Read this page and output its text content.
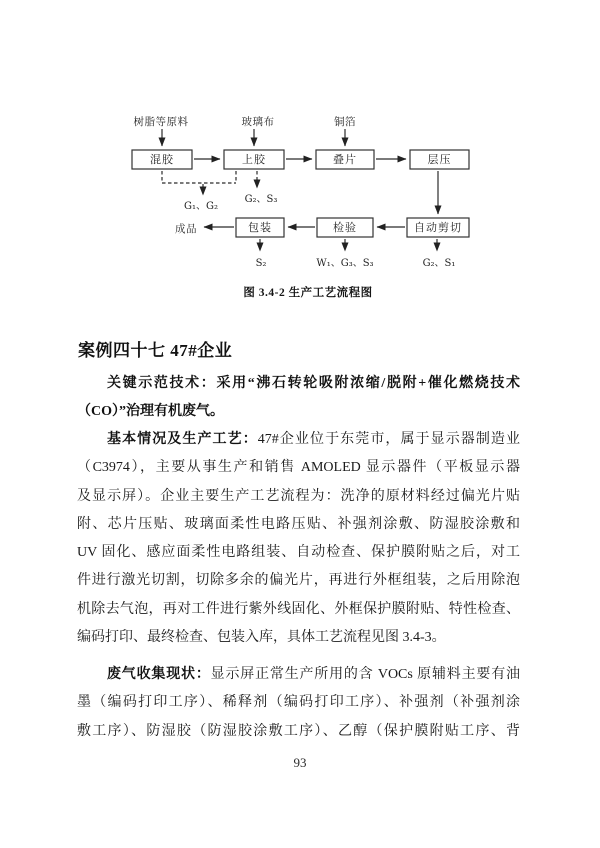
混胶	上胶	叠片	层压
自动剪切
检验
包装
树脂等原料	玻璃布	铜箔
成品
G₁、G₂
G₂、S₃
S₂	W₁、G₃、S₃	G₂、S₁
图 3.4-2 生产工艺流程图
案例四十七 47#企业
关键示范技术：采用“沸石转轮吸附浓缩/脱附+催化燃烧技术
（CO）”治理有机废气。
基本情况及生产工艺：47#企业位于东莞市，属于显示器制造业
（C3974），主要从事生产和销售 AMOLED 显示器件（平板显示器
及显示屏）。企业主要生产工艺流程为：洗净的原材料经过偏光片贴
附、芯片压贴、玻璃面柔性电路压贴、补强剂涂敷、防湿胶涂敷和
UV 固化、感应面柔性电路组装、自动检查、保护膜附贴之后，对工
件进行激光切割，切除多余的偏光片，再进行外框组装，之后用除泡
机除去气泡，再对工件进行紫外线固化、外框保护膜附贴、特性检查、
编码打印、最终检查、包装入库，具体工艺流程见图 3.4-3。
废气收集现状：显示屏正常生产所用的含 VOCs 原辅料主要有油
墨（编码打印工序）、稀释剂（编码打印工序）、补强剂（补强剂涂
敷工序）、防湿胶（防湿胶涂敷工序）、乙醇（保护膜附贴工序、背
93
